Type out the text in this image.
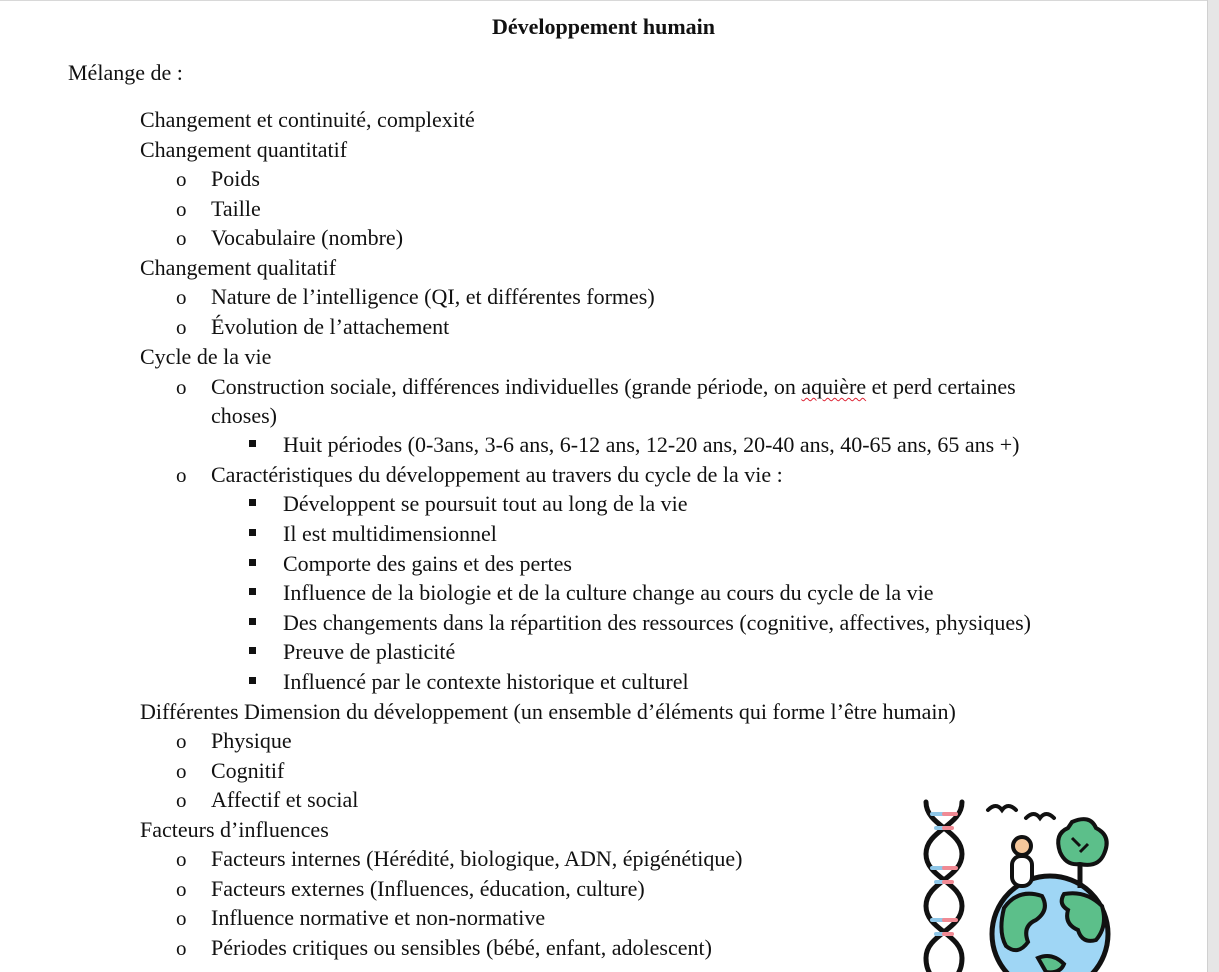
Développement humain
Mélange de :
Changement et continuité, complexité
Changement quantitatif
o Poids
o Taille
o Vocabulaire (nombre)
Changement qualitatif
o Nature de l’intelligence (QI, et différentes formes)
o Évolution de l’attachement
Cycle de la vie
o Construction sociale, différences individuelles (grande période, on aquière et perd certaines
choses)
Huit périodes (0-3ans, 3-6 ans, 6-12 ans, 12-20 ans, 20-40 ans, 40-65 ans, 65 ans +)
o Caractéristiques du développement au travers du cycle de la vie :
Développent se poursuit tout au long de la vie
Il est multidimensionnel
Comporte des gains et des pertes
Influence de la biologie et de la culture change au cours du cycle de la vie
Des changements dans la répartition des ressources (cognitive, affectives, physiques)
Preuve de plasticité
Influencé par le contexte historique et culturel
Différentes Dimension du développement (un ensemble d’éléments qui forme l’être humain)
o Physique
o Cognitif
o Affectif et social
Facteurs d’influences
o Facteurs internes (Hérédité, biologique, ADN, épigénétique)
o Facteurs externes (Influences, éducation, culture)
o Influence normative et non-normative
o Périodes critiques ou sensibles (bébé, enfant, adolescent)
